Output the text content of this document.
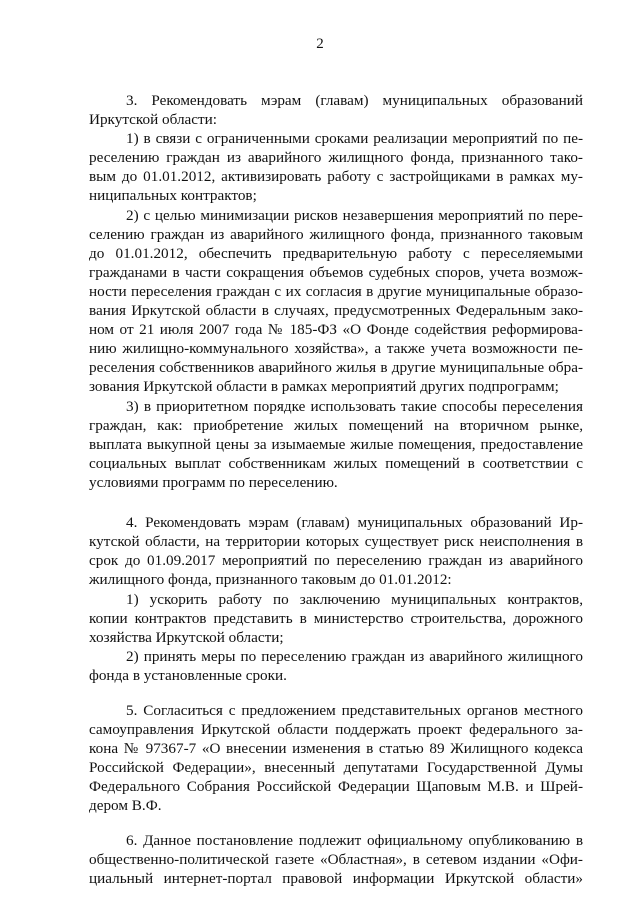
2
3. Рекомендовать мэрам (главам) муниципальных образований
Иркутской области:
1) в связи с ограниченными сроками реализации мероприятий по пе-
реселению граждан из аварийного жилищного фонда, признанного тако-
вым до 01.01.2012, активизировать работу с застройщиками в рамках му-
ниципальных контрактов;
2) с целью минимизации рисков незавершения мероприятий по пере-
селению граждан из аварийного жилищного фонда, признанного таковым
до 01.01.2012, обеспечить предварительную работу с переселяемыми
гражданами в части сокращения объемов судебных споров, учета возмож-
ности переселения граждан с их согласия в другие муниципальные образо-
вания Иркутской области в случаях, предусмотренных Федеральным зако-
ном от 21 июля 2007 года № 185-ФЗ «О Фонде содействия реформирова-
нию жилищно-коммунального хозяйства», а также учета возможности пе-
реселения собственников аварийного жилья в другие муниципальные обра-
зования Иркутской области в рамках мероприятий других подпрограмм;
3) в приоритетном порядке использовать такие способы переселения
граждан, как: приобретение жилых помещений на вторичном рынке,
выплата выкупной цены за изымаемые жилые помещения, предоставление
социальных выплат собственникам жилых помещений в соответствии с
условиями программ по переселению.
4. Рекомендовать мэрам (главам) муниципальных образований Ир-
кутской области, на территории которых существует риск неисполнения в
срок до 01.09.2017 мероприятий по переселению граждан из аварийного
жилищного фонда, признанного таковым до 01.01.2012:
1) ускорить работу по заключению муниципальных контрактов,
копии контрактов представить в министерство строительства, дорожного
хозяйства Иркутской области;
2) принять меры по переселению граждан из аварийного жилищного
фонда в установленные сроки.
5. Согласиться с предложением представительных органов местного
самоуправления Иркутской области поддержать проект федерального за-
кона № 97367-7 «О внесении изменения в статью 89 Жилищного кодекса
Российской Федерации», внесенный депутатами Государственной Думы
Федерального Собрания Российской Федерации Щаповым М.В. и Шрей-
дером В.Ф.
6. Данное постановление подлежит официальному опубликованию в
общественно-политической газете «Областная», в сетевом издании «Офи-
циальный интернет-портал правовой информации Иркутской области»
